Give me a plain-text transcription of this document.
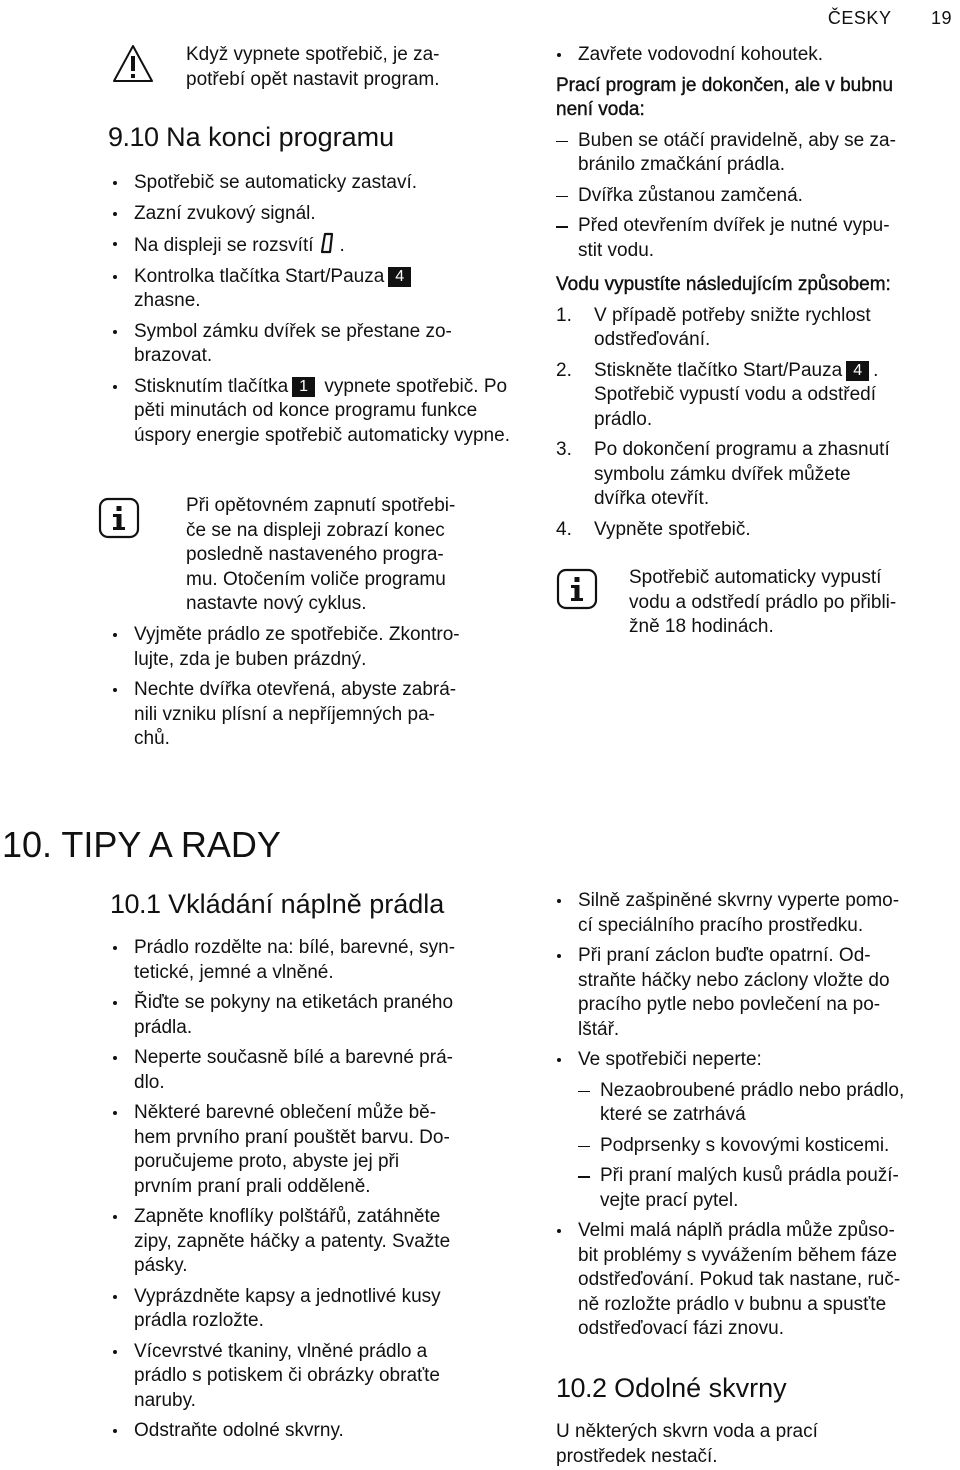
ČESKY 19
Když vypnete spotřebič, je za-
potřebí opět nastavit program.
9.10 Na konci programu
Spotřebič se automaticky zastaví.
Zazní zvukový signál.
Na displeji se rozsvítí .
Kontrolka tlačítka Start/Pauza 4
zhasne.
Symbol zámku dvířek se přestane zo-
brazovat.
Stisknutím tlačítka 1 vypnete spotřebič. Po pěti minutách od konce programu funkce úspory energie spotřebič automaticky vypne.
Při opětovném zapnutí spotřebi-
če se na displeji zobrazí konec
posledně nastaveného progra-
mu. Otočením voliče programu
nastavte nový cyklus.
Vyjměte prádlo ze spotřebiče. Zkontro-
lujte, zda je buben prázdný.
Nechte dvířka otevřená, abyste zabrá-
nili vzniku plísní a nepříjemných pa-
chů.
Zavřete vodovodní kohoutek.
Prací program je dokončen, ale v bubnu
není voda:
Buben se otáčí pravidelně, aby se za-
bránilo zmačkání prádla.
Dvířka zůstanou zamčená.
Před otevřením dvířek je nutné vypu-
stit vodu.
Vodu vypustíte následujícím způsobem:
1. V případě potřeby snižte rychlost
odstřeďování.
2. Stiskněte tlačítko Start/Pauza 4 .
Spotřebič vypustí vodu a odstředí
prádlo.
3. Po dokončení programu a zhasnutí
symbolu zámku dvířek můžete
dvířka otevřít.
4. Vypněte spotřebič.
Spotřebič automaticky vypustí
vodu a odstředí prádlo po přibli-
žně 18 hodinách.
10. TIPY A RADY
10.1 Vkládání náplně prádla
Prádlo rozdělte na: bílé, barevné, syn-
tetické, jemné a vlněné.
Řiďte se pokyny na etiketách praného
prádla.
Neperte současně bílé a barevné prá-
dlo.
Některé barevné oblečení může bě-
hem prvního praní pouštět barvu. Do-
poručujeme proto, abyste jej při
prvním praní prali odděleně.
Zapněte knoflíky polštářů, zatáhněte
zipy, zapněte háčky a patenty. Svažte
pásky.
Vyprázdněte kapsy a jednotlivé kusy
prádla rozložte.
Vícevrstvé tkaniny, vlněné prádlo a
prádlo s potiskem či obrázky obraťte
naruby.
Odstraňte odolné skvrny.
Silně zašpiněné skvrny vyperte pomo-
cí speciálního pracího prostředku.
Při praní záclon buďte opatrní. Od-
straňte háčky nebo záclony vložte do
pracího pytle nebo povlečení na po-
lštář.
Ve spotřebiči neperte:
Nezaobroubené prádlo nebo prádlo,
které se zatrhává
Podprsenky s kovovými kosticemi.
Při praní malých kusů prádla použí-
vejte prací pytel.
Velmi malá náplň prádla může způso-
bit problémy s vyvážením během fáze
odstřeďování. Pokud tak nastane, ruč-
ně rozložte prádlo v bubnu a spusťte
odstřeďovací fázi znovu.
10.2 Odolné skvrny
U některých skvrn voda a prací
prostředek nestačí.
